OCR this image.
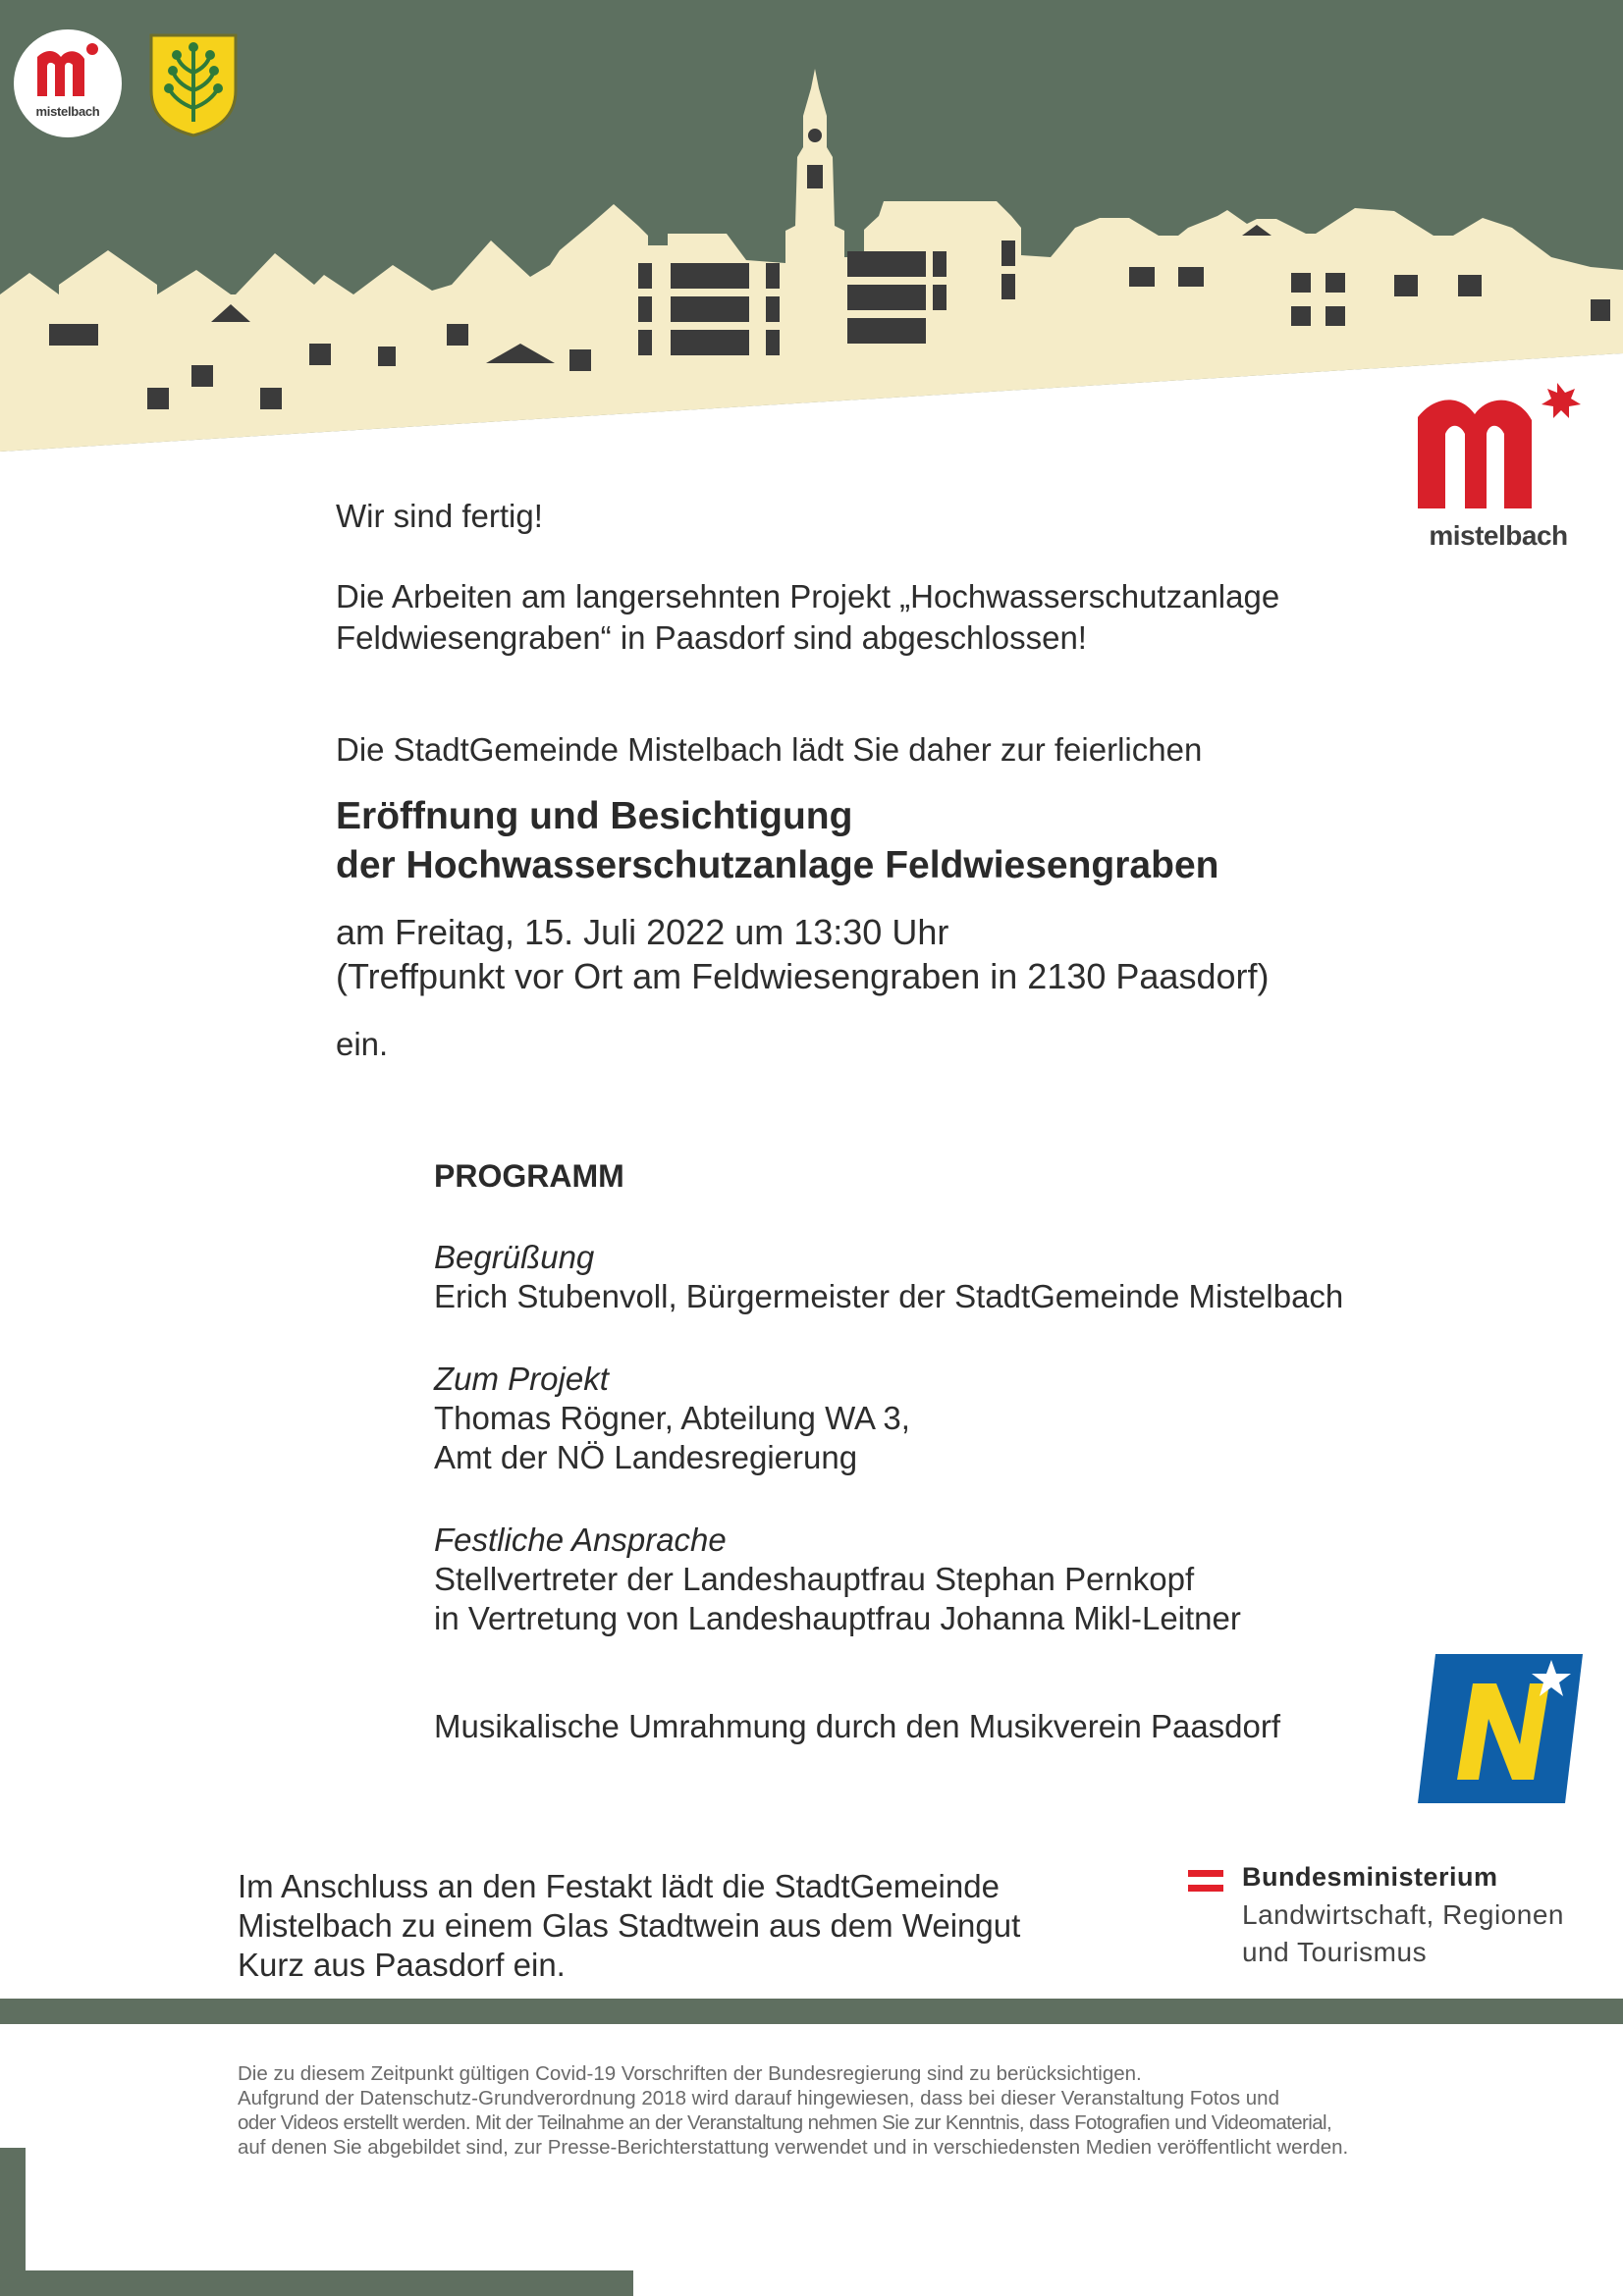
mistelbach
mistelbach

Wir sind fertig!

Die Arbeiten am langersehnten Projekt „Hochwasserschutzanlage
Feldwiesengraben“ in Paasdorf sind abgeschlossen!

Die StadtGemeinde Mistelbach lädt Sie daher zur feierlichen

Eröffnung und Besichtigung

der Hochwasserschutzanlage Feldwiesengraben

am Freitag, 15. Juli 2022 um 13:30 Uhr
(Treffpunkt vor Ort am Feldwiesengraben in 2130 Paasdorf)

ein.

PROGRAMM

Begrüßung

Erich Stubenvoll, Bürgermeister der StadtGemeinde Mistelbach

Zum Projekt

Thomas Rögner, Abteilung WA 3,
Amt der NÖ Landesregierung

Festliche Ansprache

Stellvertreter der Landeshauptfrau Stephan Pernkopf
in Vertretung von Landeshauptfrau Johanna Mikl-Leitner

Musikalische Umrahmung durch den Musikverein Paasdorf

Im Anschluss an den Festakt lädt die StadtGemeinde
Mistelbach zu einem Glas Stadtwein aus dem Weingut
Kurz aus Paasdorf ein.

Bundesministerium

Landwirtschaft, Regionen

und Tourismus

Die zu diesem Zeitpunkt gültigen Covid-19 Vorschriften der Bundesregierung sind zu berücksichtigen.

Aufgrund der Datenschutz-Grundverordnung 2018 wird darauf hingewiesen, dass bei dieser Veranstaltung Fotos und

oder Videos erstellt werden. Mit der Teilnahme an der Veranstaltung nehmen Sie zur Kenntnis, dass Fotografien und Videomaterial,

auf denen Sie abgebildet sind, zur Presse-Berichterstattung verwendet und in verschiedensten Medien veröffentlicht werden.
